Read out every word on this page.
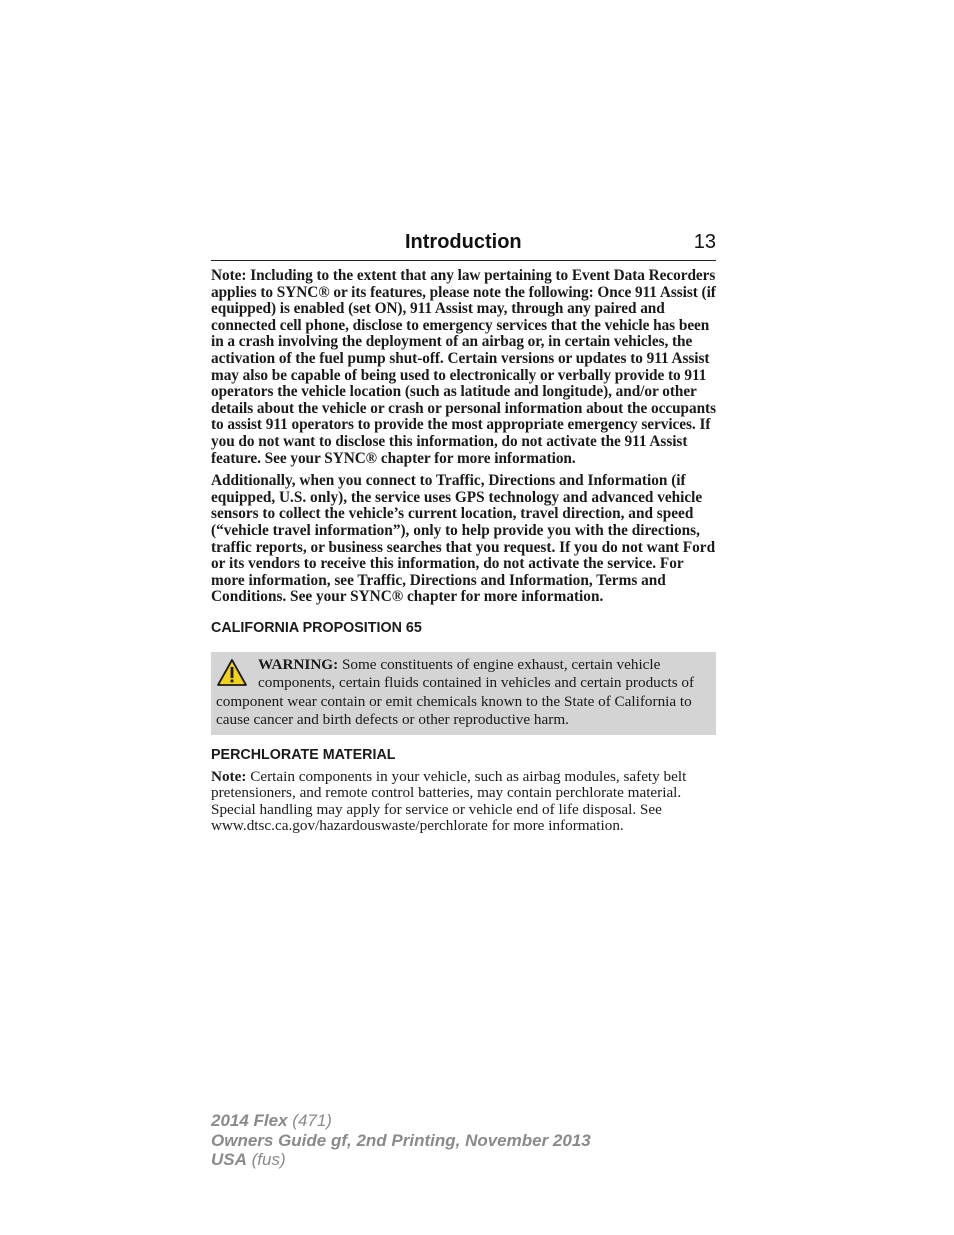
Introduction	13

Note: Including to the extent that any law pertaining to Event Data Recorders applies to SYNC® or its features, please note the following: Once 911 Assist (if equipped) is enabled (set ON), 911 Assist may, through any paired and connected cell phone, disclose to emergency services that the vehicle has been in a crash involving the deployment of an airbag or, in certain vehicles, the activation of the fuel pump shut-off. Certain versions or updates to 911 Assist may also be capable of being used to electronically or verbally provide to 911 operators the vehicle location (such as latitude and longitude), and/or other details about the vehicle or crash or personal information about the occupants to assist 911 operators to provide the most appropriate emergency services. If you do not want to disclose this information, do not activate the 911 Assist feature. See your SYNC® chapter for more information.

Additionally, when you connect to Traffic, Directions and Information (if equipped, U.S. only), the service uses GPS technology and advanced vehicle sensors to collect the vehicle’s current location, travel direction, and speed (“vehicle travel information”), only to help provide you with the directions, traffic reports, or business searches that you request. If you do not want Ford or its vendors to receive this information, do not activate the service. For more information, see Traffic, Directions and Information, Terms and Conditions. See your SYNC® chapter for more information.

CALIFORNIA PROPOSITION 65
WARNING: Some constituents of engine exhaust, certain vehicle components, certain fluids contained in vehicles and certain products of component wear contain or emit chemicals known to the State of California to cause cancer and birth defects or other reproductive harm.
PERCHLORATE MATERIAL

Note: Certain components in your vehicle, such as airbag modules, safety belt pretensioners, and remote control batteries, may contain perchlorate material. Special handling may apply for service or vehicle end of life disposal. See www.dtsc.ca.gov/hazardouswaste/perchlorate for more information.

2014 Flex (471)
Owners Guide gf, 2nd Printing, November 2013
USA (fus)
